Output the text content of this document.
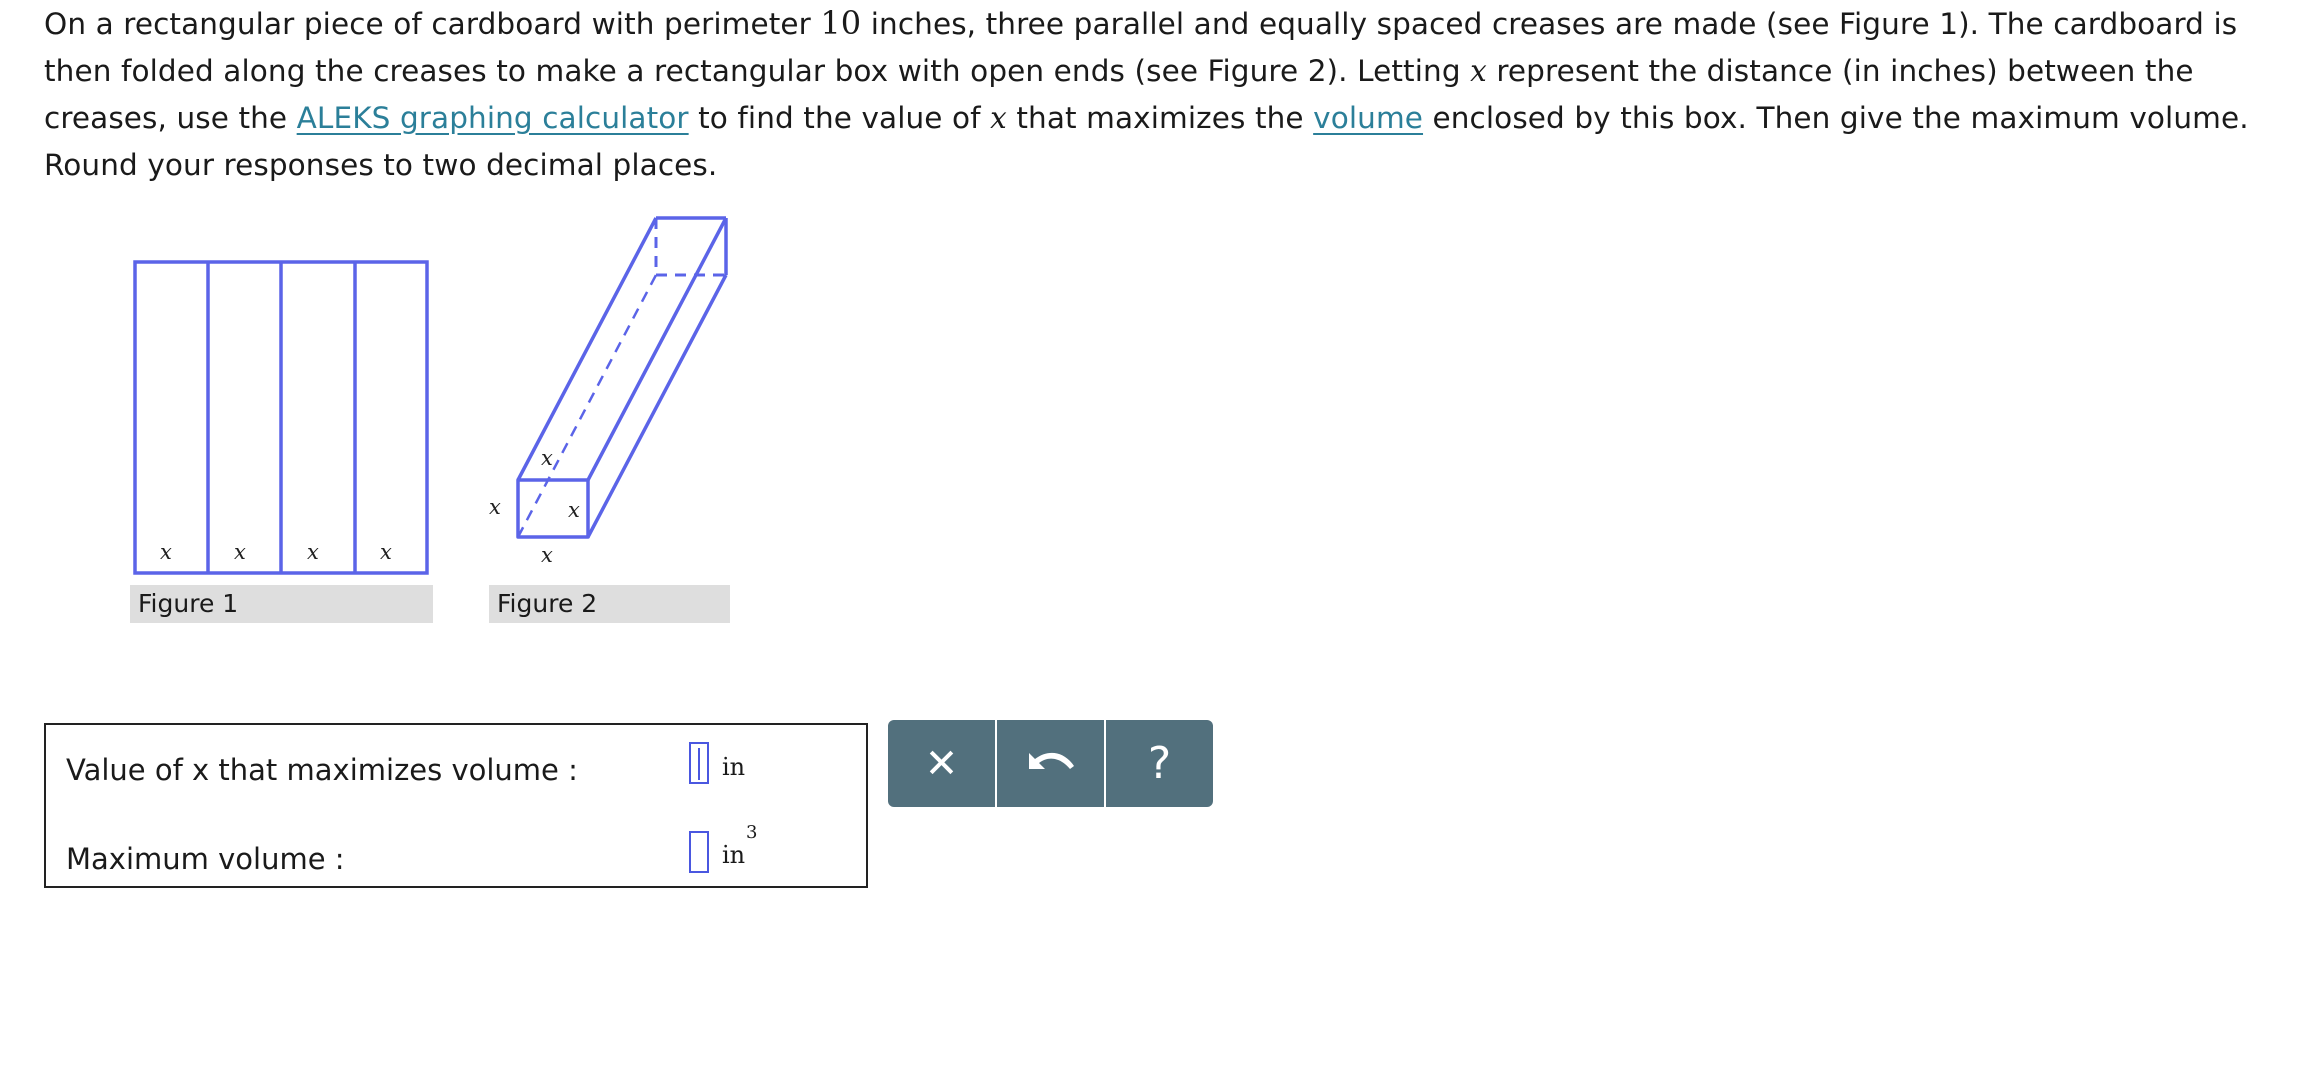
On a rectangular piece of cardboard with perimeter 10 inches, three parallel and equally spaced creases are made (see Figure 1). The cardboard is then folded along the creases to make a rectangular box with open ends (see Figure 2). Letting x represent the distance (in inches) between the creases, use the ALEKS graphing calculator to find the value of x that maximizes the volume enclosed by this box. Then give the maximum volume. Round your responses to two decimal places.
x	x	x	x
x
x	x
x
Figure 1	Figure 2
Value of x that maximizes volume :	in
Maximum volume :	in
3
✕	?
